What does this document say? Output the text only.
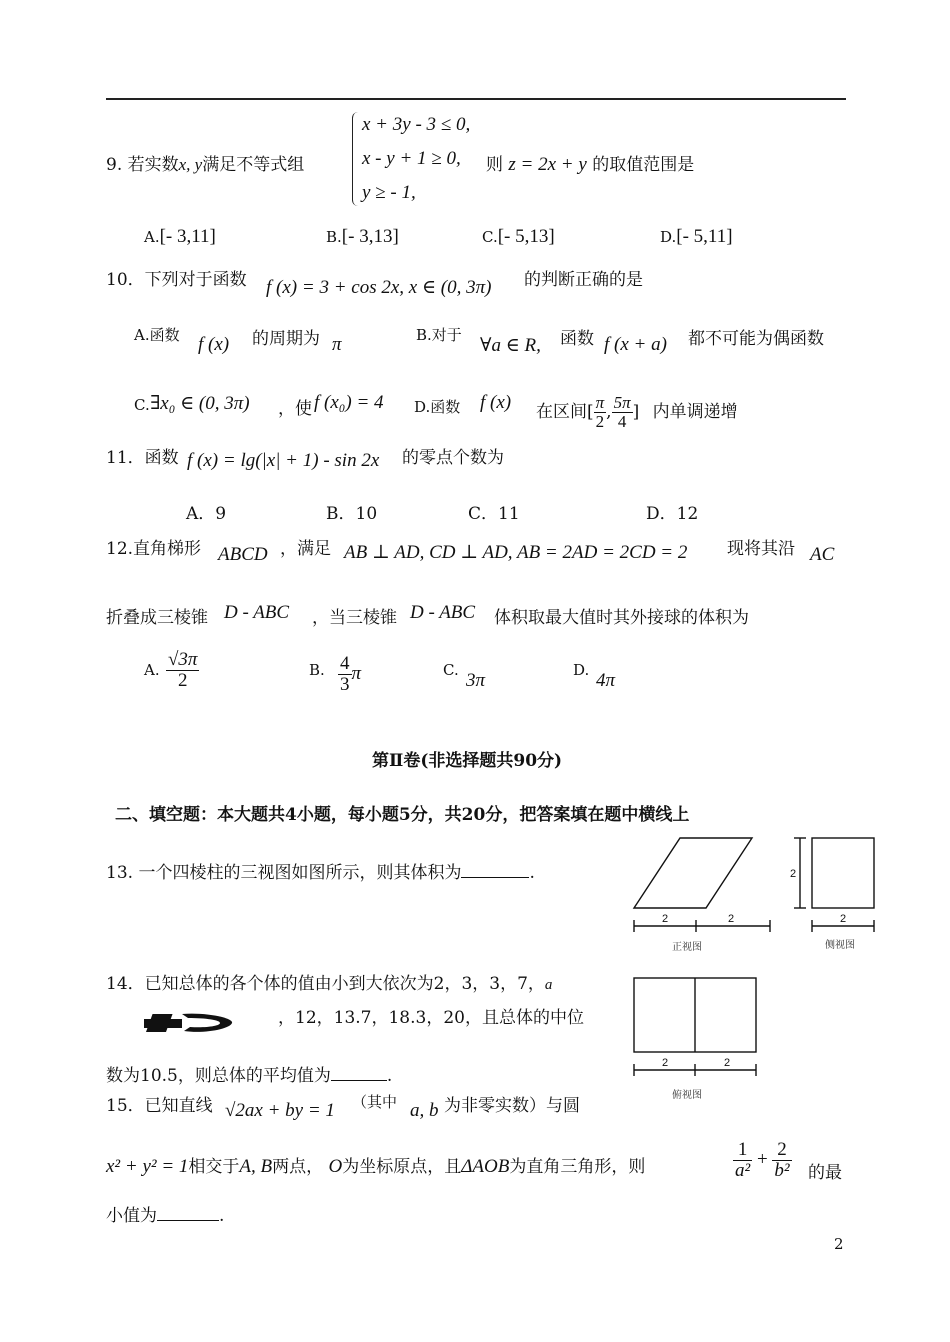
9. 若实数x, y满足不等式组
x + 3y - 3 ≤ 0,
x - y + 1 ≥ 0,
y ≥ - 1,
则 z = 2x + y 的取值范围是
A.[- 3,11]	B.[- 3,13]	C.[- 5,13]	D.[- 5,11]
10．下列对于函数 f (x) = 3 + cos 2x, x ∈ (0, 3π) 的判断正确的是
A.函数 f (x) 的周期为 π	B.对于 ∀a ∈ R, 函数 f (x + a) 都不可能为偶函数
C. ∃x₀ ∈ (0, 3π) ，使 f (x₀) = 4 D.函数 f (x) 在区间[ $\frac{\pi}{2}$ , $\frac{5\pi}{4}$ ] 内单调递增
11．函数 f (x) = lg(|x| + 1) - sin 2x 的零点个数为
A．9	B．10	C．11	D．12
12.直角梯形 ABCD ，满足 AB ⊥ AD, CD ⊥ AD, AB = 2AD = 2CD = 2 现将其沿 AC
折叠成三棱锥 D - ABC ，当三棱锥 D - ABC 体积取最大值时其外接球的体积为
A. $\frac{√3\pi}{2}$	B. $\frac{4}{3}$ π	C. 3π	D. 4π
第Ⅱ卷(非选择题共90分)
二、填空题：本大题共4小题，每小题5分，共20分，把答案填在题中横线上
13. 一个四棱柱的三视图如图所示，则其体积为	.
14．已知总体的各个体的值由小到大依次为2，3，3，7，a
，12，13.7，18.3，20，且总体的中位
数为10.5，则总体的平均值为	.
15．已知直线 √2ax + by = 1 （其中 a, b 为非零实数）与圆
x² + y² = 1相交于A, B两点， O为坐标原点，且ΔAOB为直角三角形，则	$\frac{1}{\text{a²}} + \frac{2}{\text{b²}}$ 的最
小值为	.
2	2
2
2
2	2
正视图	侧视图
俯视图
2
